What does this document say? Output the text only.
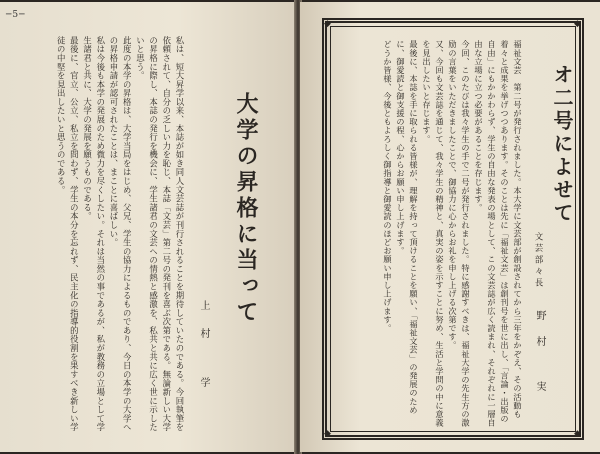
─5─
私は、短大昇学以来、本誌が如き同人文芸誌が刊行されることを期待していたのである。今回執筆を依頼されて、自分の乏しい力を恥じ、本誌「文芸」第二号の発刊を喜ぶ次第である。無論新しい大学の昇格に際し、本誌の発行を機会に、学生諸君の文芸への情熱と感激を、私共と共に広く世に示したいと思う。
此度の本学の昇格は、大学当局をはじめ、父兄、学生の協力によるものであり、今日の本学の大学への昇格申請が認可されたことは、まことに喜ばしい。
私は今後も本学の発展のため微力を尽くしたい。それは当然の事であるが、私が教務の立場として学生諸君と共に、大学の発展を願うものである。
最後に、官立、公立、私立を問わず、学生の本分を忘れず、民主化の指導的役割を果すべき新しい学徒の中堅を見出したいと思うのである。	大学の昇格に当って
上村 学
◆	◆
◆	◆
オ二号によせて
文芸部々長
野村 実
福祉文芸　第二号が発行されました。本大学に文芸部が創設されてから三年をかぞえ、その活動も着々と成果を挙げつつあります。そのことは先に「福祉文芸」は創刊号を世に出し、「言論・出版の自由」にもかかわらず、学生の自由な発表の場として、この文芸誌が広く読まれ、それぞれに一層自由な立場に立つ必要があることを存じます。
今回、このたびは我々学生の手で二号が発行されました。特に感謝すべきは、福祉大学の先生方の激励の言葉をいただきましたことで、御協力に心からお礼を申し上げる次第です。
又、今回も文芸誌を通じて、我々学生の精神と、真実の姿を示すことに努め、生活と学問の中に意義を見出したいと存じます。
最後に、本誌を手に取られる皆様が、理解を持って頂けることを願い、「福祉文芸」の発展のために、御愛読と御支援の程、心からお願い申し上げます。
どうか皆様、今後ともよろしく御指導と御愛読のほどお願い申し上げます。
